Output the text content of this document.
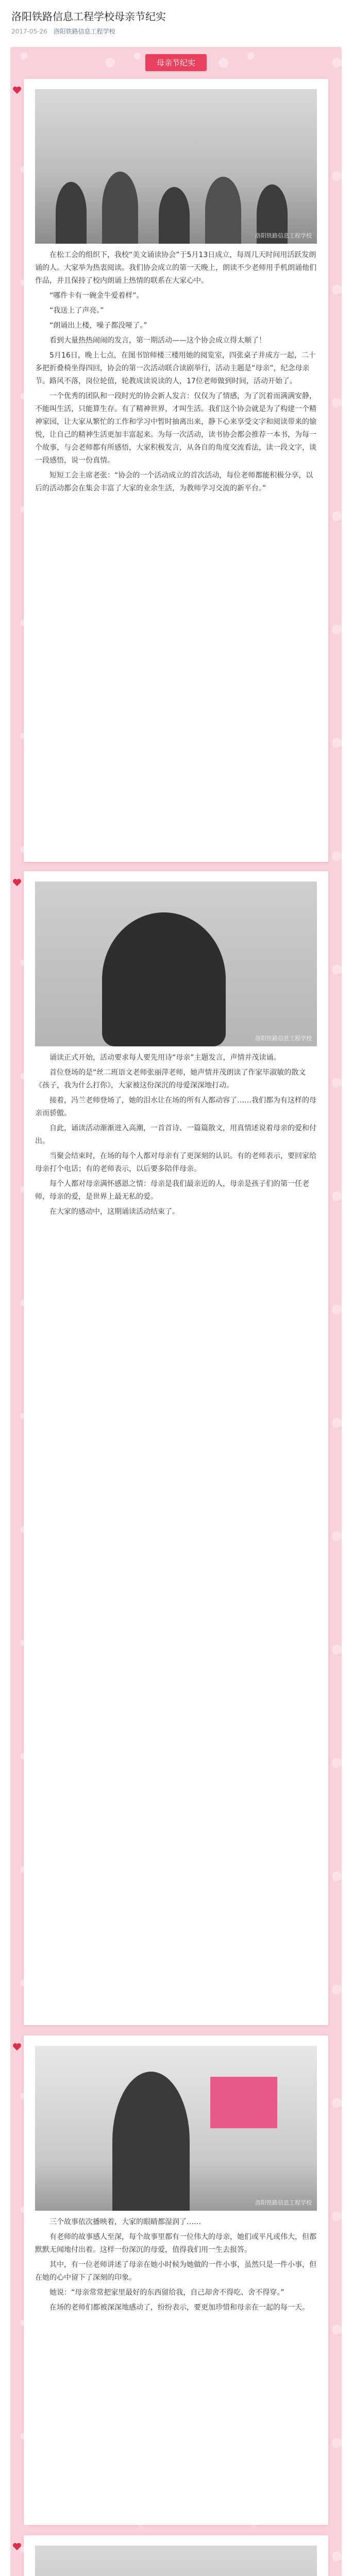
洛阳铁路信息工程学校母亲节纪实
2017-05-26 洛阳铁路信息工程学校
母亲节纪实
洛阳铁路信息工程学校

在松工会的组织下，我校“美文诵读协会”于5月13日成立，每周几天时间用活跃发朗诵的人。大家举为热衷阅读。我们协会成立的第一天晚上，朗读不少老师用手机朗诵他们作品，并且保持了校内朗诵上热情的联系在大家心中。

“哪件卡有一碗金牛爱着样”。

“我送上了声亮。”

“朗诵出上楼，噪子都没哑了。”

看到大量热热闹闹的发言，第一期活动——这个协会成立得太顺了！

5月16日，晚上七点，在图书馆师楼三楼用她的阅览室，四张桌子并成方一起，二十多把折叠椅坐得四回，协会的第一次活动联合读剧举行，活动主题是“母亲”，纪念母亲节。路风不落，岗位轮值，轮教成读说读的人，17位老师做到时间，活动开始了。

一个优秀的团队和一段时光的协会新人发言：仅仅为了情感，为了沉着而满满安静，不能叫生活，只能算生存。有了精神世界，才叫生活。我们这个协会就是为了构建一个精神家园，让大家从繁忙的工作和学习中暂时抽离出来，静下心来享受文字和阅读带来的愉悦，让自己的精神生活更加丰富起来。为每一次活动，读书协会都会推荐一本书，为每一个故事，与会老师都有所感悟，大家积极发言，从各自的角度交流看法，读一段文字，谈一段感悟，说一份真情。

短短工会主席老张：“协会的一个活动成立的首次活动，每位老师都能积极分享，以后的活动都会在集会丰富了大家的业余生活，为教师学习交流的新平台。”

洛阳铁路信息工程学校

诵读正式开始，活动要求每人要先用诗“母亲”主题发言，声情并茂读诵。

首位登场的是“丝二班语文老师张丽萍老师，她声情并茂朗读了作家毕淑敏的散文《孩子，我为什么打你》，大家被这份深沉的母爱深深地打动。

接着，冯兰老师登场了，她的泪水让在场的所有人都动容了……我们都为有这样的母亲而骄傲。

自此，诵读活动渐渐进入高潮，一首首诗、一篇篇散文，用真情述说着母亲的爱和付出。

当聚会结束时，在场的每个人都对母亲有了更深刻的认识。有的老师表示，要回家给母亲打个电话；有的老师表示，以后要多陪伴母亲。

每个人都对母亲满怀感恩之情：母亲是我们最亲近的人，母亲是孩子们的第一任老师，母亲的爱，是世界上最无私的爱。

在大家的感动中，这期诵读活动结束了。

洛阳铁路信息工程学校

三个故事依次播映着，大家的眼睛都湿润了……

有老师的故事感人至深，每个故事里都有一位伟大的母亲，她们或平凡或伟大，但都默默无闻地付出着。这样一份深沉的母爱，值得我们用一生去报答。

其中，有一位老师讲述了母亲在她小时候为她做的一件小事，虽然只是一件小事，但在她的心中留下了深刻的印象。

她说：“母亲常常把家里最好的东西留给我，自己却舍不得吃、舍不得穿。”

在场的老师们都被深深地感动了，纷纷表示，要更加珍惜和母亲在一起的每一天。
